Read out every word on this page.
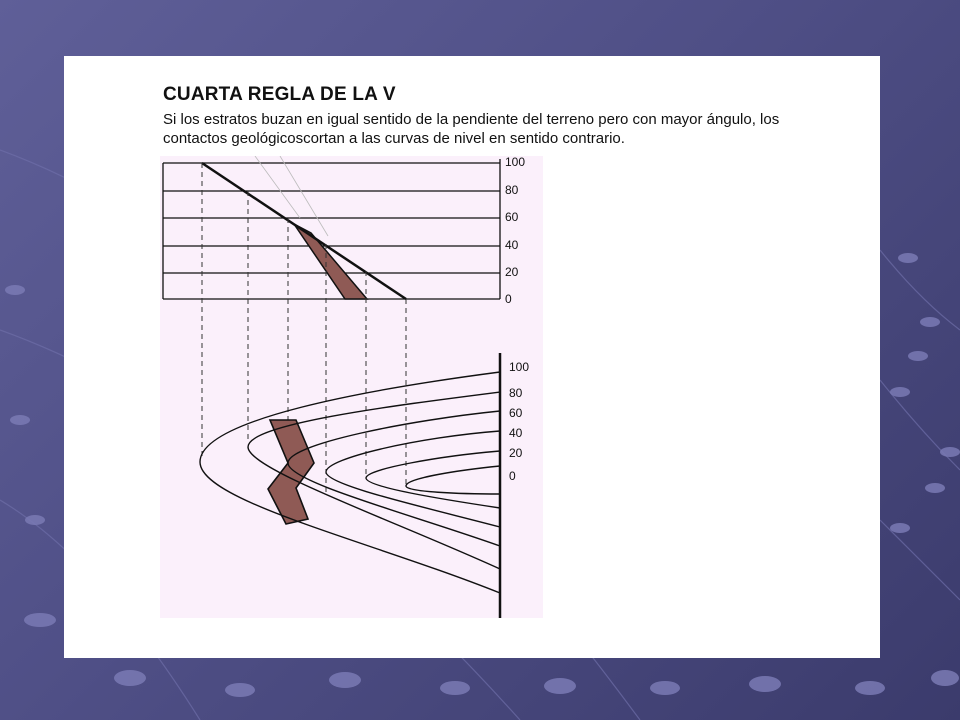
CUARTA REGLA DE LA V
Si los estratos buzan en igual sentido de la pendiente del terreno pero con mayor ángulo, los contactos geológicoscortan a las curvas de nivel en sentido contrario.
100
80
60
40
20
0
100
80
60
40
20
0
